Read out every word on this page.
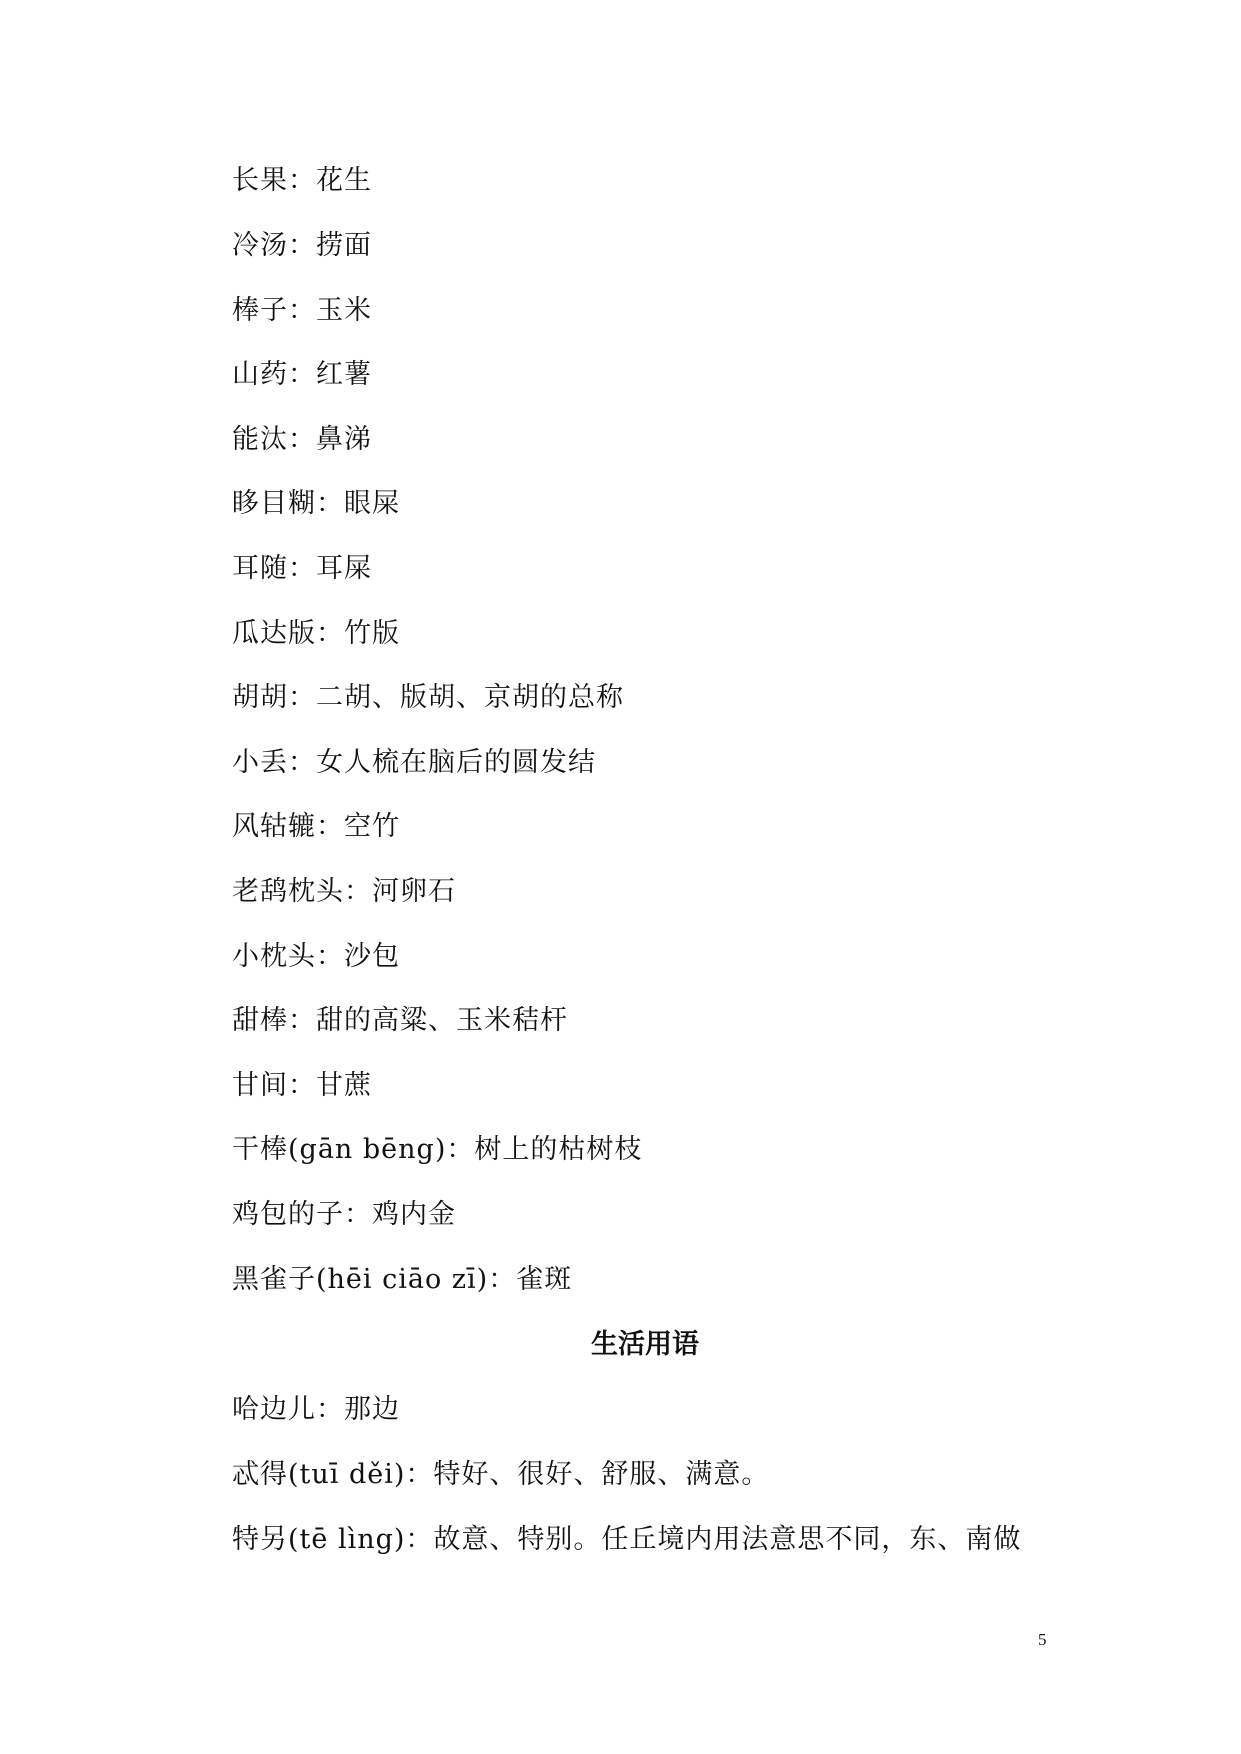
长果：花生
冷汤：捞面
棒子：玉米
山药：红薯
能汰：鼻涕
眵目糊：眼屎
耳随：耳屎
瓜达版：竹版
胡胡：二胡、版胡、京胡的总称
小丢：女人梳在脑后的圆发结
风轱辘：空竹
老鸹枕头：河卵石
小枕头：沙包
甜棒：甜的高粱、玉米秸杆
甘间：甘蔗
干棒(gān bēng)：树上的枯树枝
鸡包的子：鸡内金
黑雀子(hēi ciāo zī)：雀斑
生活用语
哈边儿：那边
忒得(tuī děi)：特好、很好、舒服、满意。
特另(tē lìng)：故意、特别。任丘境内用法意思不同，东、南做
5
